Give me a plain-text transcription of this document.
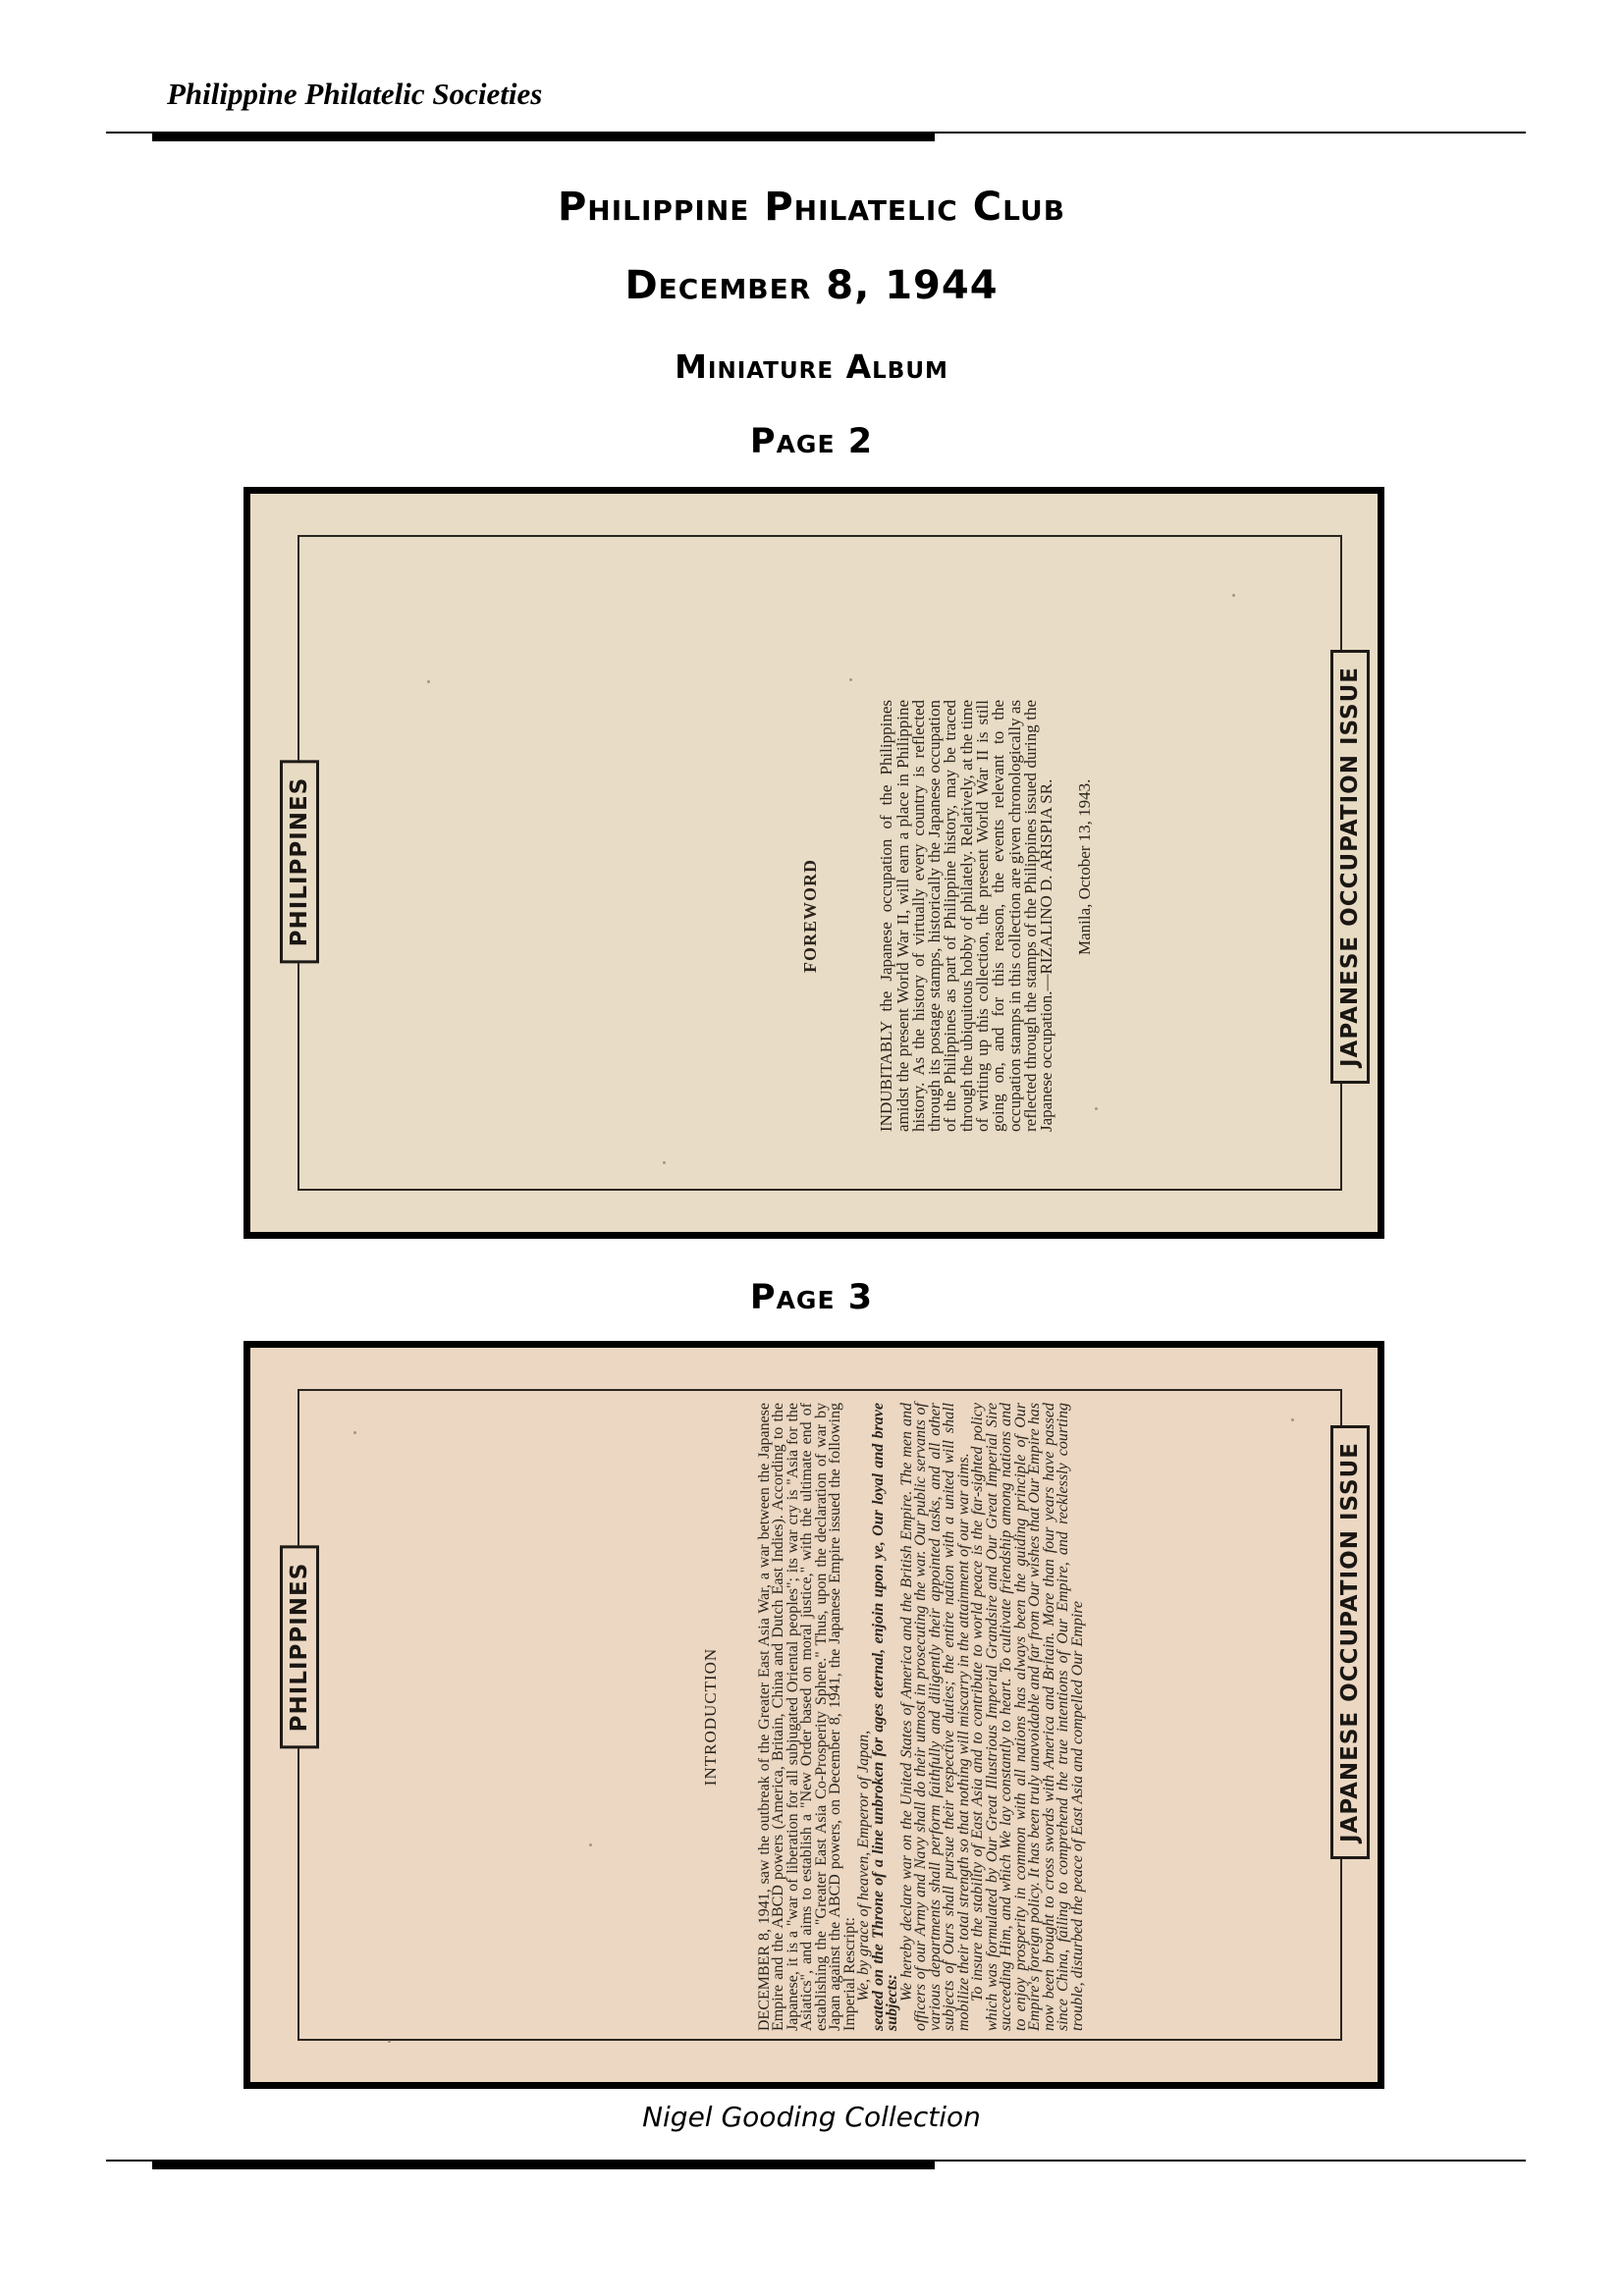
Philippine Philatelic Societies
Philippine Philatelic Club
December 8, 1944
Miniature Album
Page 2
PHILIPPINES	JAPANESE OCCUPATION ISSUE
FOREWORD	INDUBITABLY the Japanese occupation of the Philippines amidst the present World War II, will earn a place in Philippine history. As the history of virtually every country is reflected through its postage stamps, historically the Japanese occupation of the Philippines as part of Philippine history, may be traced through the ubiquitous hobby of philately. Relatively, at the time of writing up this collection, the present World War II is still going on, and for this reason, the events relevant to the occupation stamps in this collection are given chronologically as reflected through the stamps of the Philippines issued during the Japanese occupation.—RIZALINO D. ARISPIA SR. Manila, October 13, 1943.

Page 3
PHILIPPINES	JAPANESE OCCUPATION ISSUE
INTRODUCTION DECEMBER 8, 1941, saw the outbreak of the Greater East Asia War, a war between the Japanese Empire and the ABCD powers (America, Britain, China and Dutch East Indies). According to the Japanese, it is a "war of liberation for all subjugated Oriental peoples"; its war cry is "Asia for the Asiatics", and aims to establish a "New Order based on moral justice," with the ultimate end of establishing the "Greater East Asia Co-Prosperity Sphere." Thus, upon the declaration of war by Japan against the ABCD powers, on December 8, 1941, the Japanese Empire issued the following Imperial Rescript:

We, by grace of heaven, Emperor of Japan,

seated on the Throne of a line unbroken for ages eternal, enjoin upon ye, Our loyal and brave subjects:

We hereby declare war on the United States of America and the British Empire. The men and officers of our Army and Navy shall do their utmost in prosecuting the war. Our public servants of various departments shall perform faithfully and diligently their appointed tasks, and all other subjects of Ours shall pursue their respective duties; the entire nation with a united will shall mobilize their total strength so that nothing will miscarry in the attainment of our war aims.

To insure the stability of East Asia and to contribute to world peace is the far-sighted policy which was formulated by Our Great Illustrious Imperial Grandsire and Our Great Imperial Sire succeeding Him, and which We lay constantly to heart. To cultivate friendship among nations and to enjoy prosperity in common with all nations has always been the guiding principle of Our Empire's foreign policy. It has been truly unavoidable and far from Our wishes that Our Empire has now been brought to cross swords with America and Britain. More than four years have passed since China, failing to comprehend the true intentions of Our Empire, and recklessly courting trouble, disturbed the peace of East Asia and compelled Our Empire

Nigel Gooding Collection
